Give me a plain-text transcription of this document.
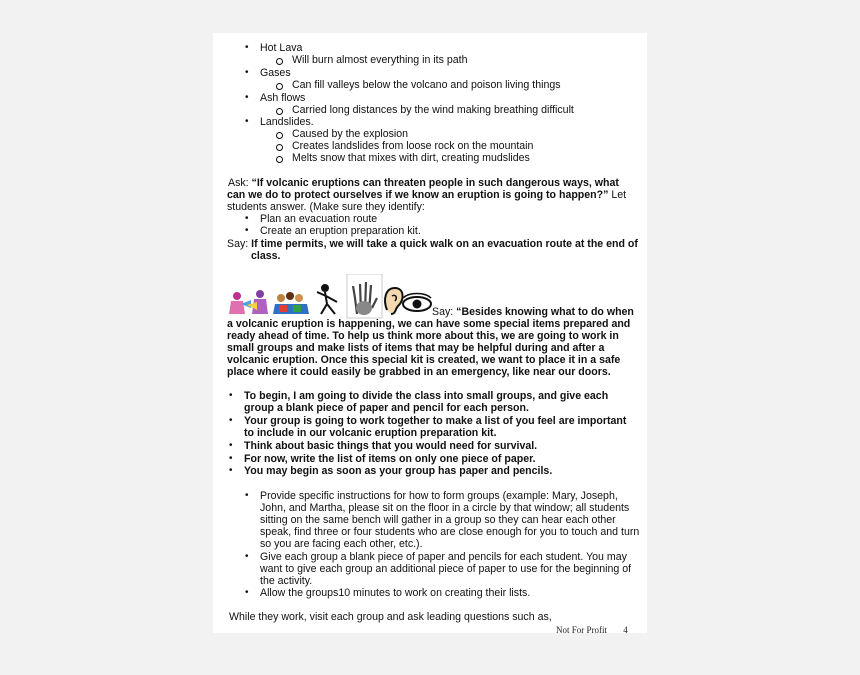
• Hot Lava
Will burn almost everything in its path
• Gases
Can fill valleys below the volcano and poison living things
• Ash flows
Carried long distances by the wind making breathing difficult
• Landslides.
Caused by the explosion
Creates landslides from loose rock on the mountain
Melts snow that mixes with dirt, creating mudslides
Ask: “If volcanic eruptions can threaten people in such dangerous ways, what
can we do to protect ourselves if we know an eruption is going to happen?” Let
students answer. (Make sure they identify:
• Plan an evacuation route
• Create an eruption preparation kit.
Say: If time permits, we will take a quick walk on an evacuation route at the end of
class.
Say: “Besides knowing what to do when
a volcanic eruption is happening, we can have some special items prepared and
ready ahead of time. To help us think more about this, we are going to work in
small groups and make lists of items that may be helpful during and after a
volcanic eruption. Once this special kit is created, we want to place it in a safe
place where it could easily be grabbed in an emergency, like near our doors.
• To begin, I am going to divide the class into small groups, and give each
group a blank piece of paper and pencil for each person.
• Your group is going to work together to make a list of you feel are important
to include in our volcanic eruption preparation kit.
• Think about basic things that you would need for survival.
• For now, write the list of items on only one piece of paper.
• You may begin as soon as your group has paper and pencils.
• Provide specific instructions for how to form groups (example: Mary, Joseph,
John, and Martha, please sit on the floor in a circle by that window; all students
sitting on the same bench will gather in a group so they can hear each other
speak, find three or four students who are close enough for you to touch and turn
so you are facing each other, etc.).
• Give each group a blank piece of paper and pencils for each student. You may
want to give each group an additional piece of paper to use for the beginning of
the activity.
• Allow the groups10 minutes to work on creating their lists.
While they work, visit each group and ask leading questions such as,
Not For Profit 4
